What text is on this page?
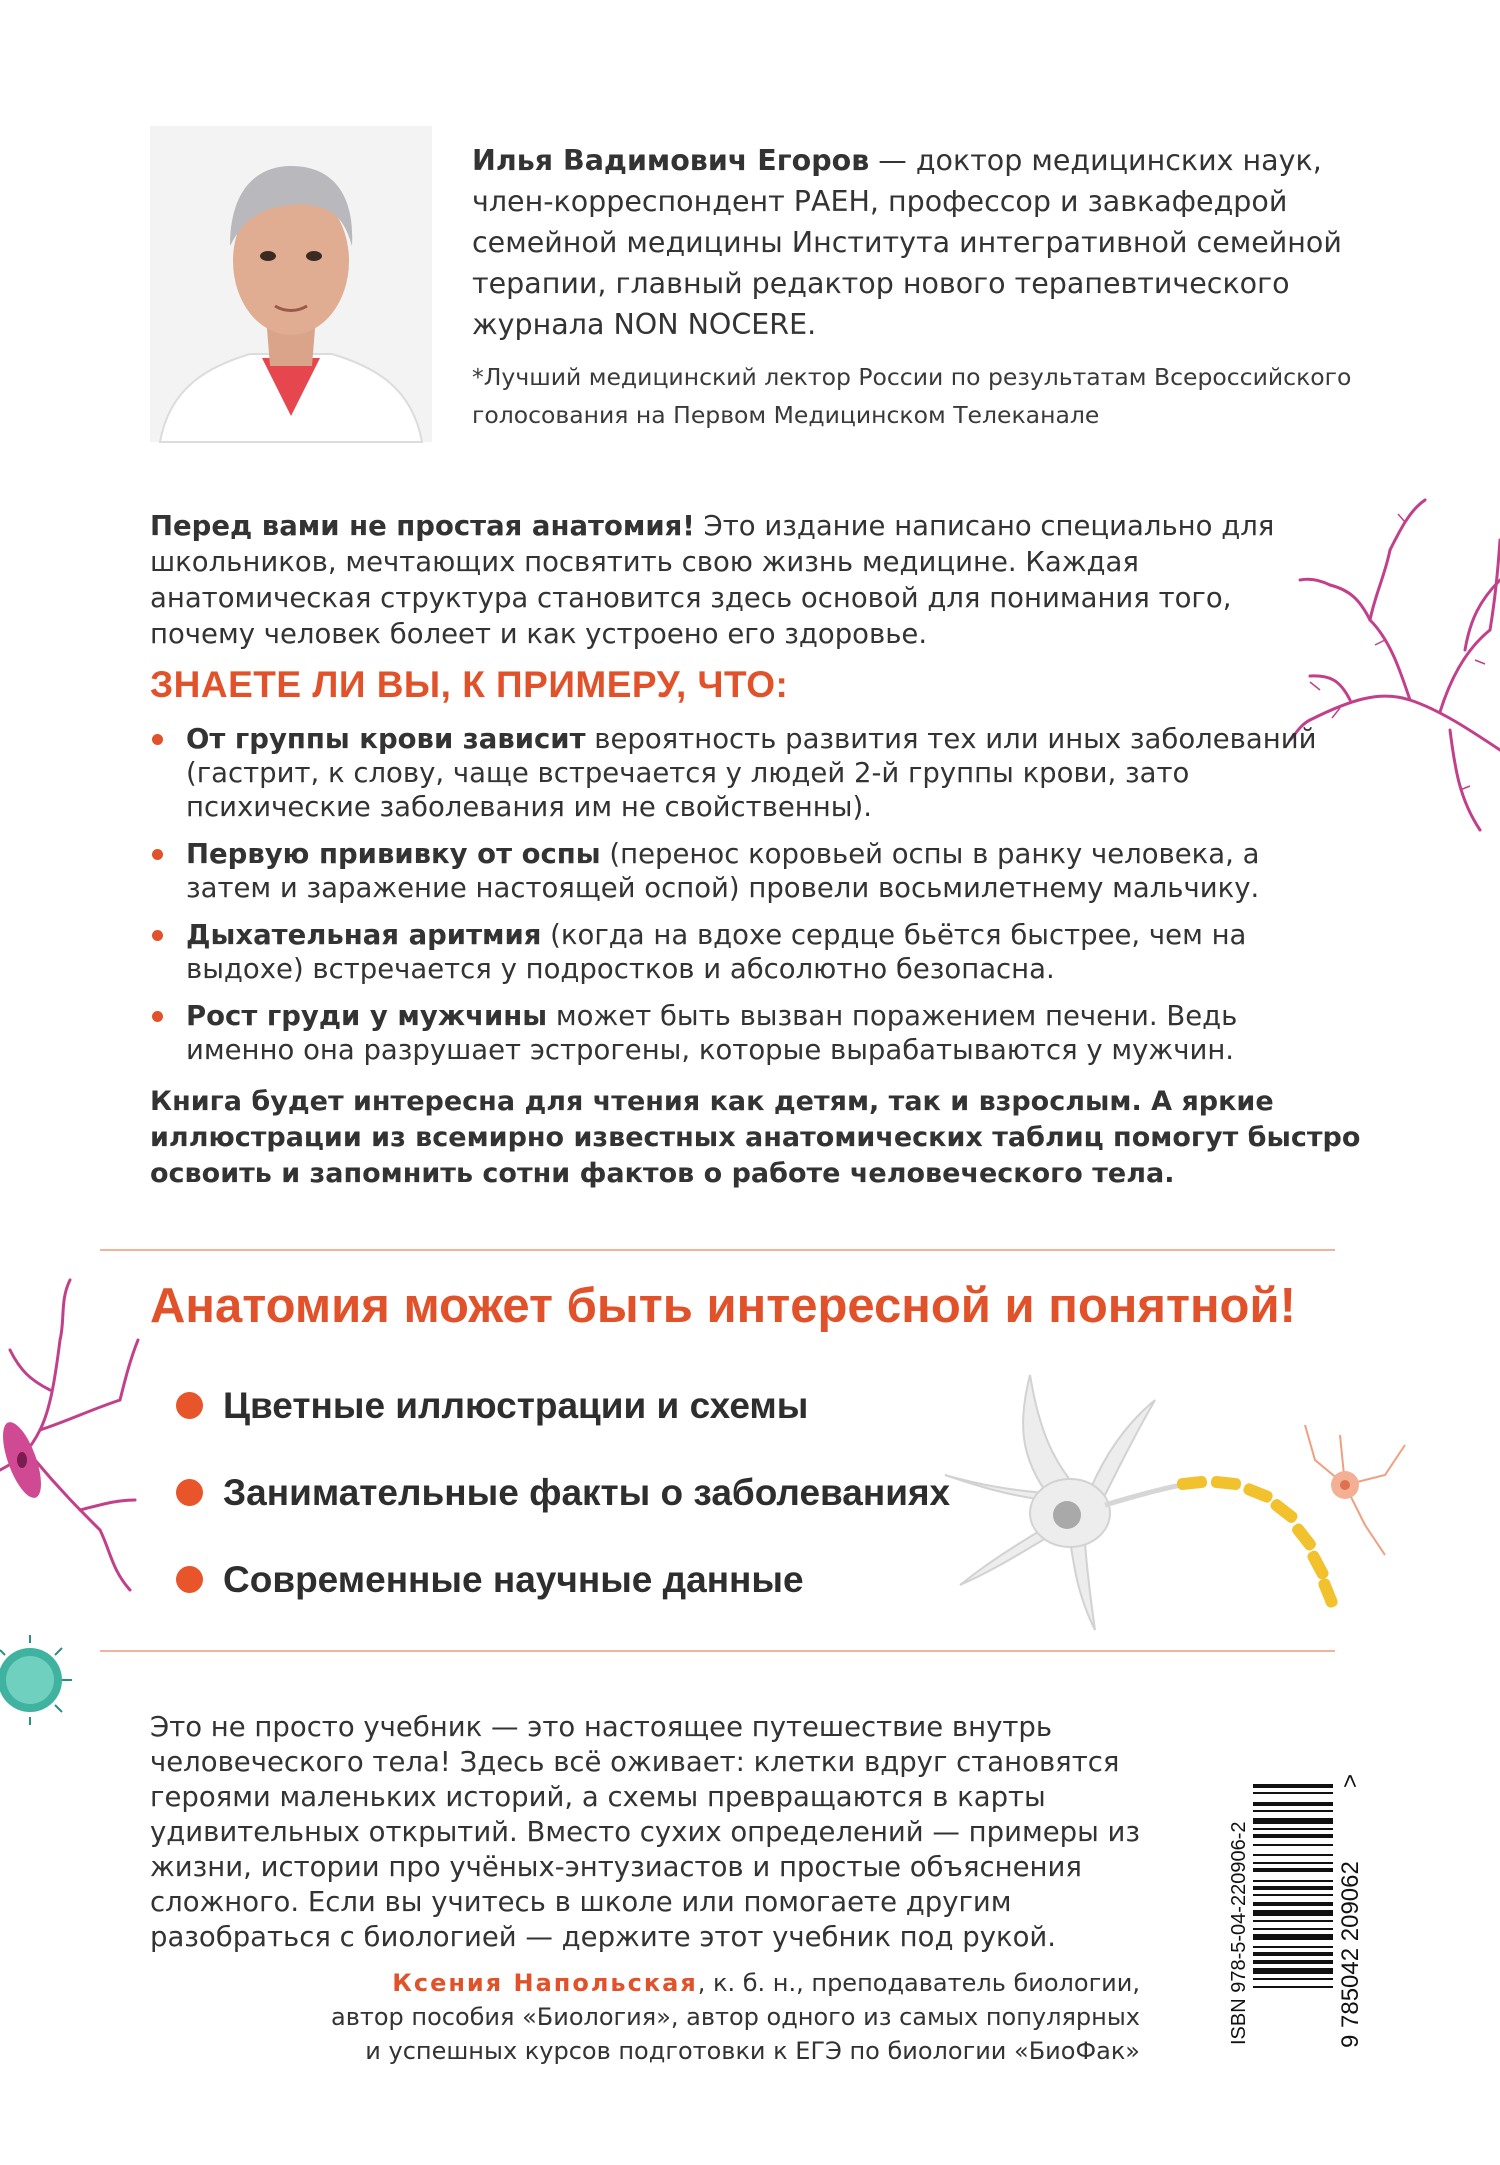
Илья Вадимович Егоров — доктор медицинских наук, член-корреспондент РАЕН, профессор и завкафедрой семейной медицины Института интегративной семейной терапии, главный редактор нового терапевтического журнала NON NOCERE.
*Лучший медицинский лектор России по результатам Всероссийского голосования на Первом Медицинском Телеканале
Перед вами не простая анатомия! Это издание написано специально для школьников, мечтающих посвятить свою жизнь медицине. Каждая анатомическая структура становится здесь основой для понимания того, почему человек болеет и как устроено его здоровье.
ЗНАЕТЕ ЛИ ВЫ, К ПРИМЕРУ, ЧТО:
От группы крови зависит вероятность развития тех или иных заболеваний (гастрит, к слову, чаще встречается у людей 2-й группы крови, зато психические заболевания им не свойственны).
Первую прививку от оспы (перенос коровьей оспы в ранку человека, а затем и заражение настоящей оспой) провели восьмилетнему мальчику.
Дыхательная аритмия (когда на вдохе сердце бьётся быстрее, чем на выдохе) встречается у подростков и абсолютно безопасна.
Рост груди у мужчины может быть вызван поражением печени. Ведь именно она разрушает эстрогены, которые вырабатываются у мужчин.
Книга будет интересна для чтения как детям, так и взрослым. А яркие иллюстрации из всемирно известных анатомических таблиц помогут быстро освоить и запомнить сотни фактов о работе человеческого тела.
Анатомия может быть интересной и понятной!
Цветные иллюстрации и схемы
Занимательные факты о заболеваниях
Современные научные данные
Это не просто учебник — это настоящее путешествие внутрь человеческого тела! Здесь всё оживает: клетки вдруг становятся героями маленьких историй, а схемы превращаются в карты удивительных открытий. Вместо сухих определений — примеры из жизни, истории про учёных-энтузиастов и простые объяснения сложного. Если вы учитесь в школе или помогаете другим разобраться с биологией — держите этот учебник под рукой.
Ксения Напольская, к. б. н., преподаватель биологии,
автор пособия «Биология», автор одного из самых популярных
и успешных курсов подготовки к ЕГЭ по биологии «БиоФак»
ISBN 978-5-04-220906-2	9 785042 209062
>
